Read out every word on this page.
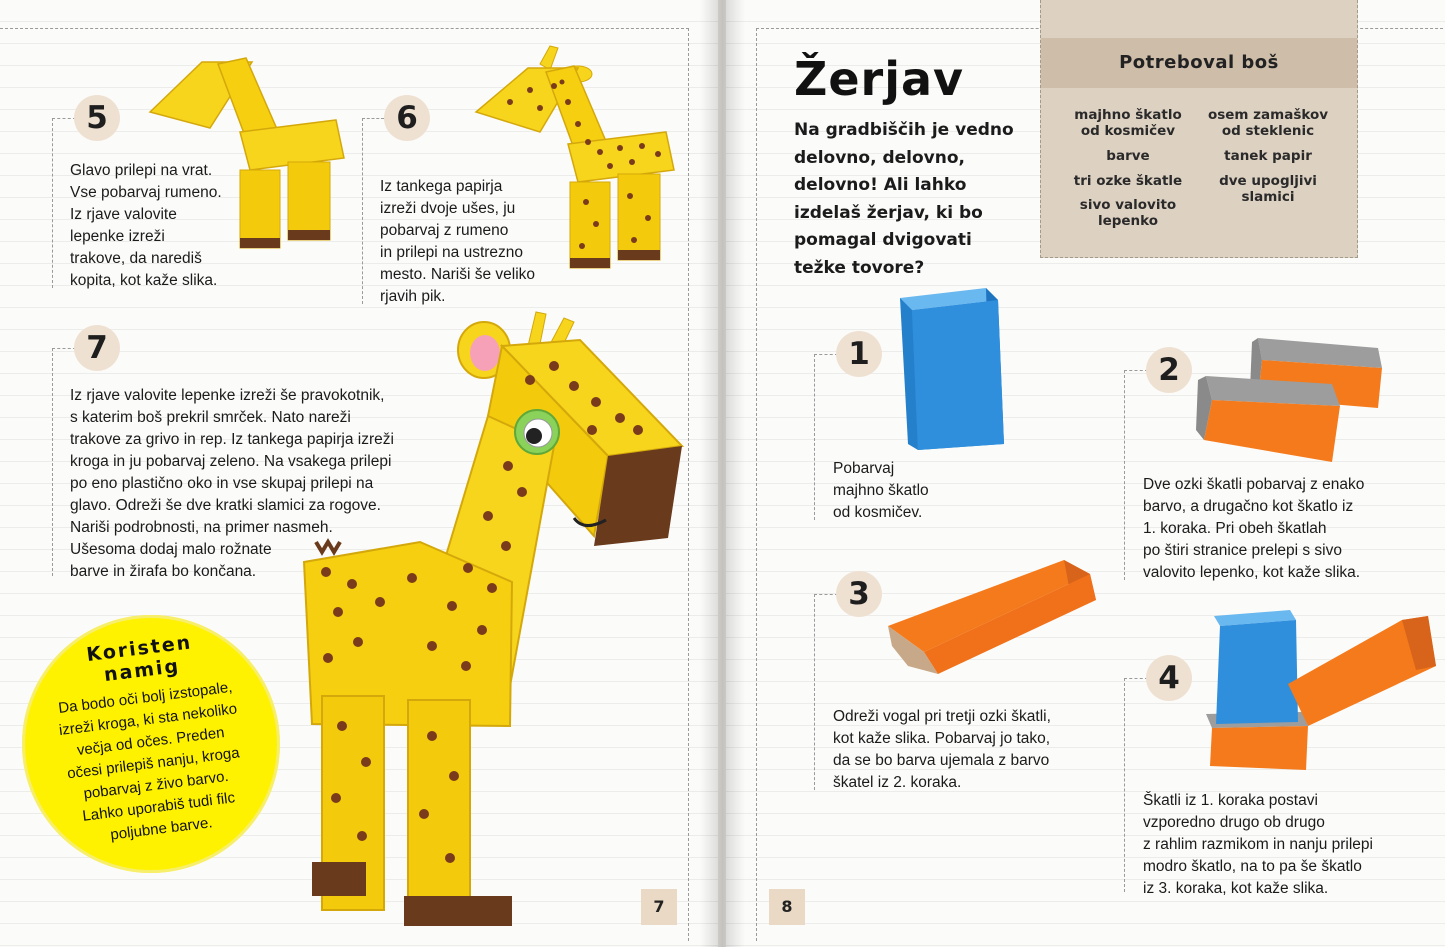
5
Glavo prilepi na vrat.
Vse pobarvaj rumeno.
Iz rjave valovite
lepenke izreži
trakove, da narediš
kopita, kot kaže slika.
6
Iz tankega papirja
izreži dvoje ušes, ju
pobarvaj z rumeno
in prilepi na ustrezno
mesto. Nariši še veliko
rjavih pik.
7
Iz rjave valovite lepenke izreži še pravokotnik,
s katerim boš prekril smrček. Nato nareži
trakove za grivo in rep. Iz tankega papirja izreži
kroga in ju pobarvaj zeleno. Na vsakega prilepi
po eno plastično oko in vse skupaj prilepi na
glavo. Odreži še dve kratki slamici za rogove.
Nariši podrobnosti, na primer nasmeh.
Ušesoma dodaj malo rožnate
barve in žirafa bo končana.
Koristen
namig
Da bodo oči bolj izstopale,
izreži kroga, ki sta nekoliko
večja od očes. Preden
očesi prilepiš nanju, kroga
pobarvaj z živo barvo.
Lahko uporabiš tudi filc
poljubne barve.
7
Žerjav
Na gradbiščih je vedno
delovno, delovno,
delovno! Ali lahko
izdelaš žerjav, ki bo
pomagal dvigovati
težke tovore?
Potreboval boš
majhno škatlo
od kosmičev
osem zamaškov
od steklenic
barve	tanek papir
tri ozke škatle	dve upogljivi
slamici
sivo valovito
lepenko
1
Pobarvaj
majhno škatlo
od kosmičev.
2
Dve ozki škatli pobarvaj z enako
barvo, a drugačno kot škatlo iz
1. koraka. Pri obeh škatlah
po štiri stranice prelepi s sivo
valovito lepenko, kot kaže slika.
3
Odreži vogal pri tretji ozki škatli,
kot kaže slika. Pobarvaj jo tako,
da se bo barva ujemala z barvo
škatel iz 2. koraka.
4
Škatli iz 1. koraka postavi
vzporedno drugo ob drugo
z rahlim razmikom in nanju prilepi
modro škatlo, na to pa še škatlo
iz 3. koraka, kot kaže slika.
8
